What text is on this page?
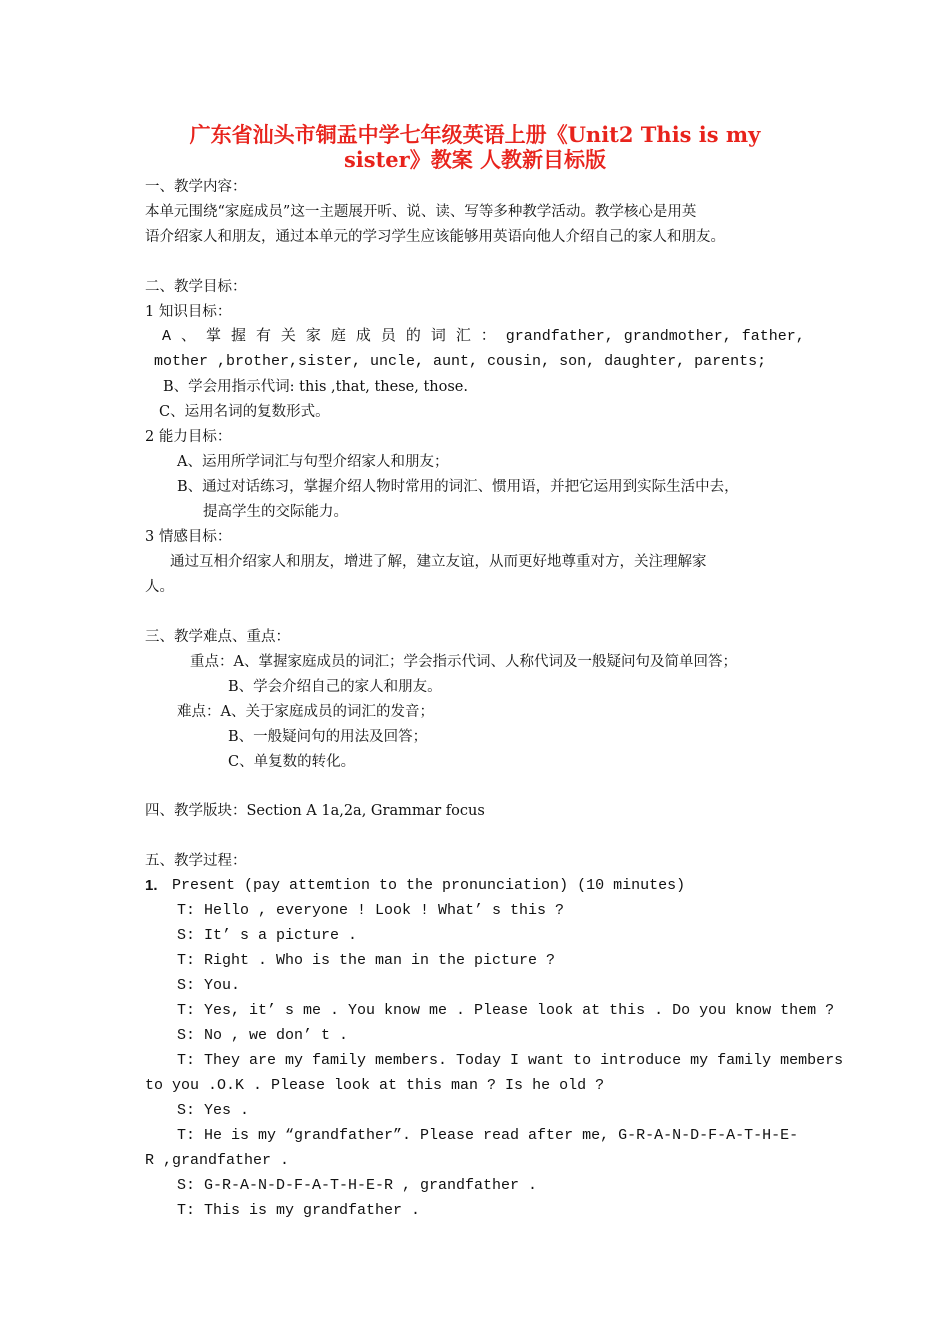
广东省汕头市铜盂中学七年级英语上册《Unit2 This is my
sister》教案 人教新目标版
一、教学内容：
本单元围绕“家庭成员”这一主题展开听、说、读、写等多种教学活动。教学核心是用英
语介绍家人和朋友，通过本单元的学习学生应该能够用英语向他人介绍自己的家人和朋友。
二、教学目标：
1 知识目标：
A 、 掌 握 有 关 家 庭 成 员 的 词 汇 ： grandfather, grandmother, father,
mother ,brother,sister, uncle, aunt, cousin, son, daughter, parents;
B、学会用指示代词: this ,that, these, those.
C、运用名词的复数形式。
2 能力目标：
A、运用所学词汇与句型介绍家人和朋友；
B、通过对话练习，掌握介绍人物时常用的词汇、惯用语，并把它运用到实际生活中去，
提高学生的交际能力。
3 情感目标：
通过互相介绍家人和朋友，增进了解，建立友谊，从而更好地尊重对方，关注理解家
人。
三、教学难点、重点：
重点：A、掌握家庭成员的词汇；学会指示代词、人称代词及一般疑问句及简单回答；
B、学会介绍自己的家人和朋友。
难点：A、关于家庭成员的词汇的发音；
B、一般疑问句的用法及回答；
C、单复数的转化。
四、教学版块：Section A 1a,2a, Grammar focus
五、教学过程：
1. Present (pay attemtion to the pronunciation) (10 minutes)
T: Hello , everyone ! Look ! What’ s this ?
S: It’ s a picture .
T: Right . Who is the man in the picture ?
S: You.
T: Yes, it’ s me . You know me . Please look at this . Do you know them ?
S: No , we don’ t .
T: They are my family members. Today I want to introduce my family members
to you .O.K . Please look at this man ? Is he old ?
S: Yes .
T: He is my “grandfather”. Please read after me, G-R-A-N-D-F-A-T-H-E-
R ,grandfather .
S: G-R-A-N-D-F-A-T-H-E-R , grandfather .
T: This is my grandfather .
